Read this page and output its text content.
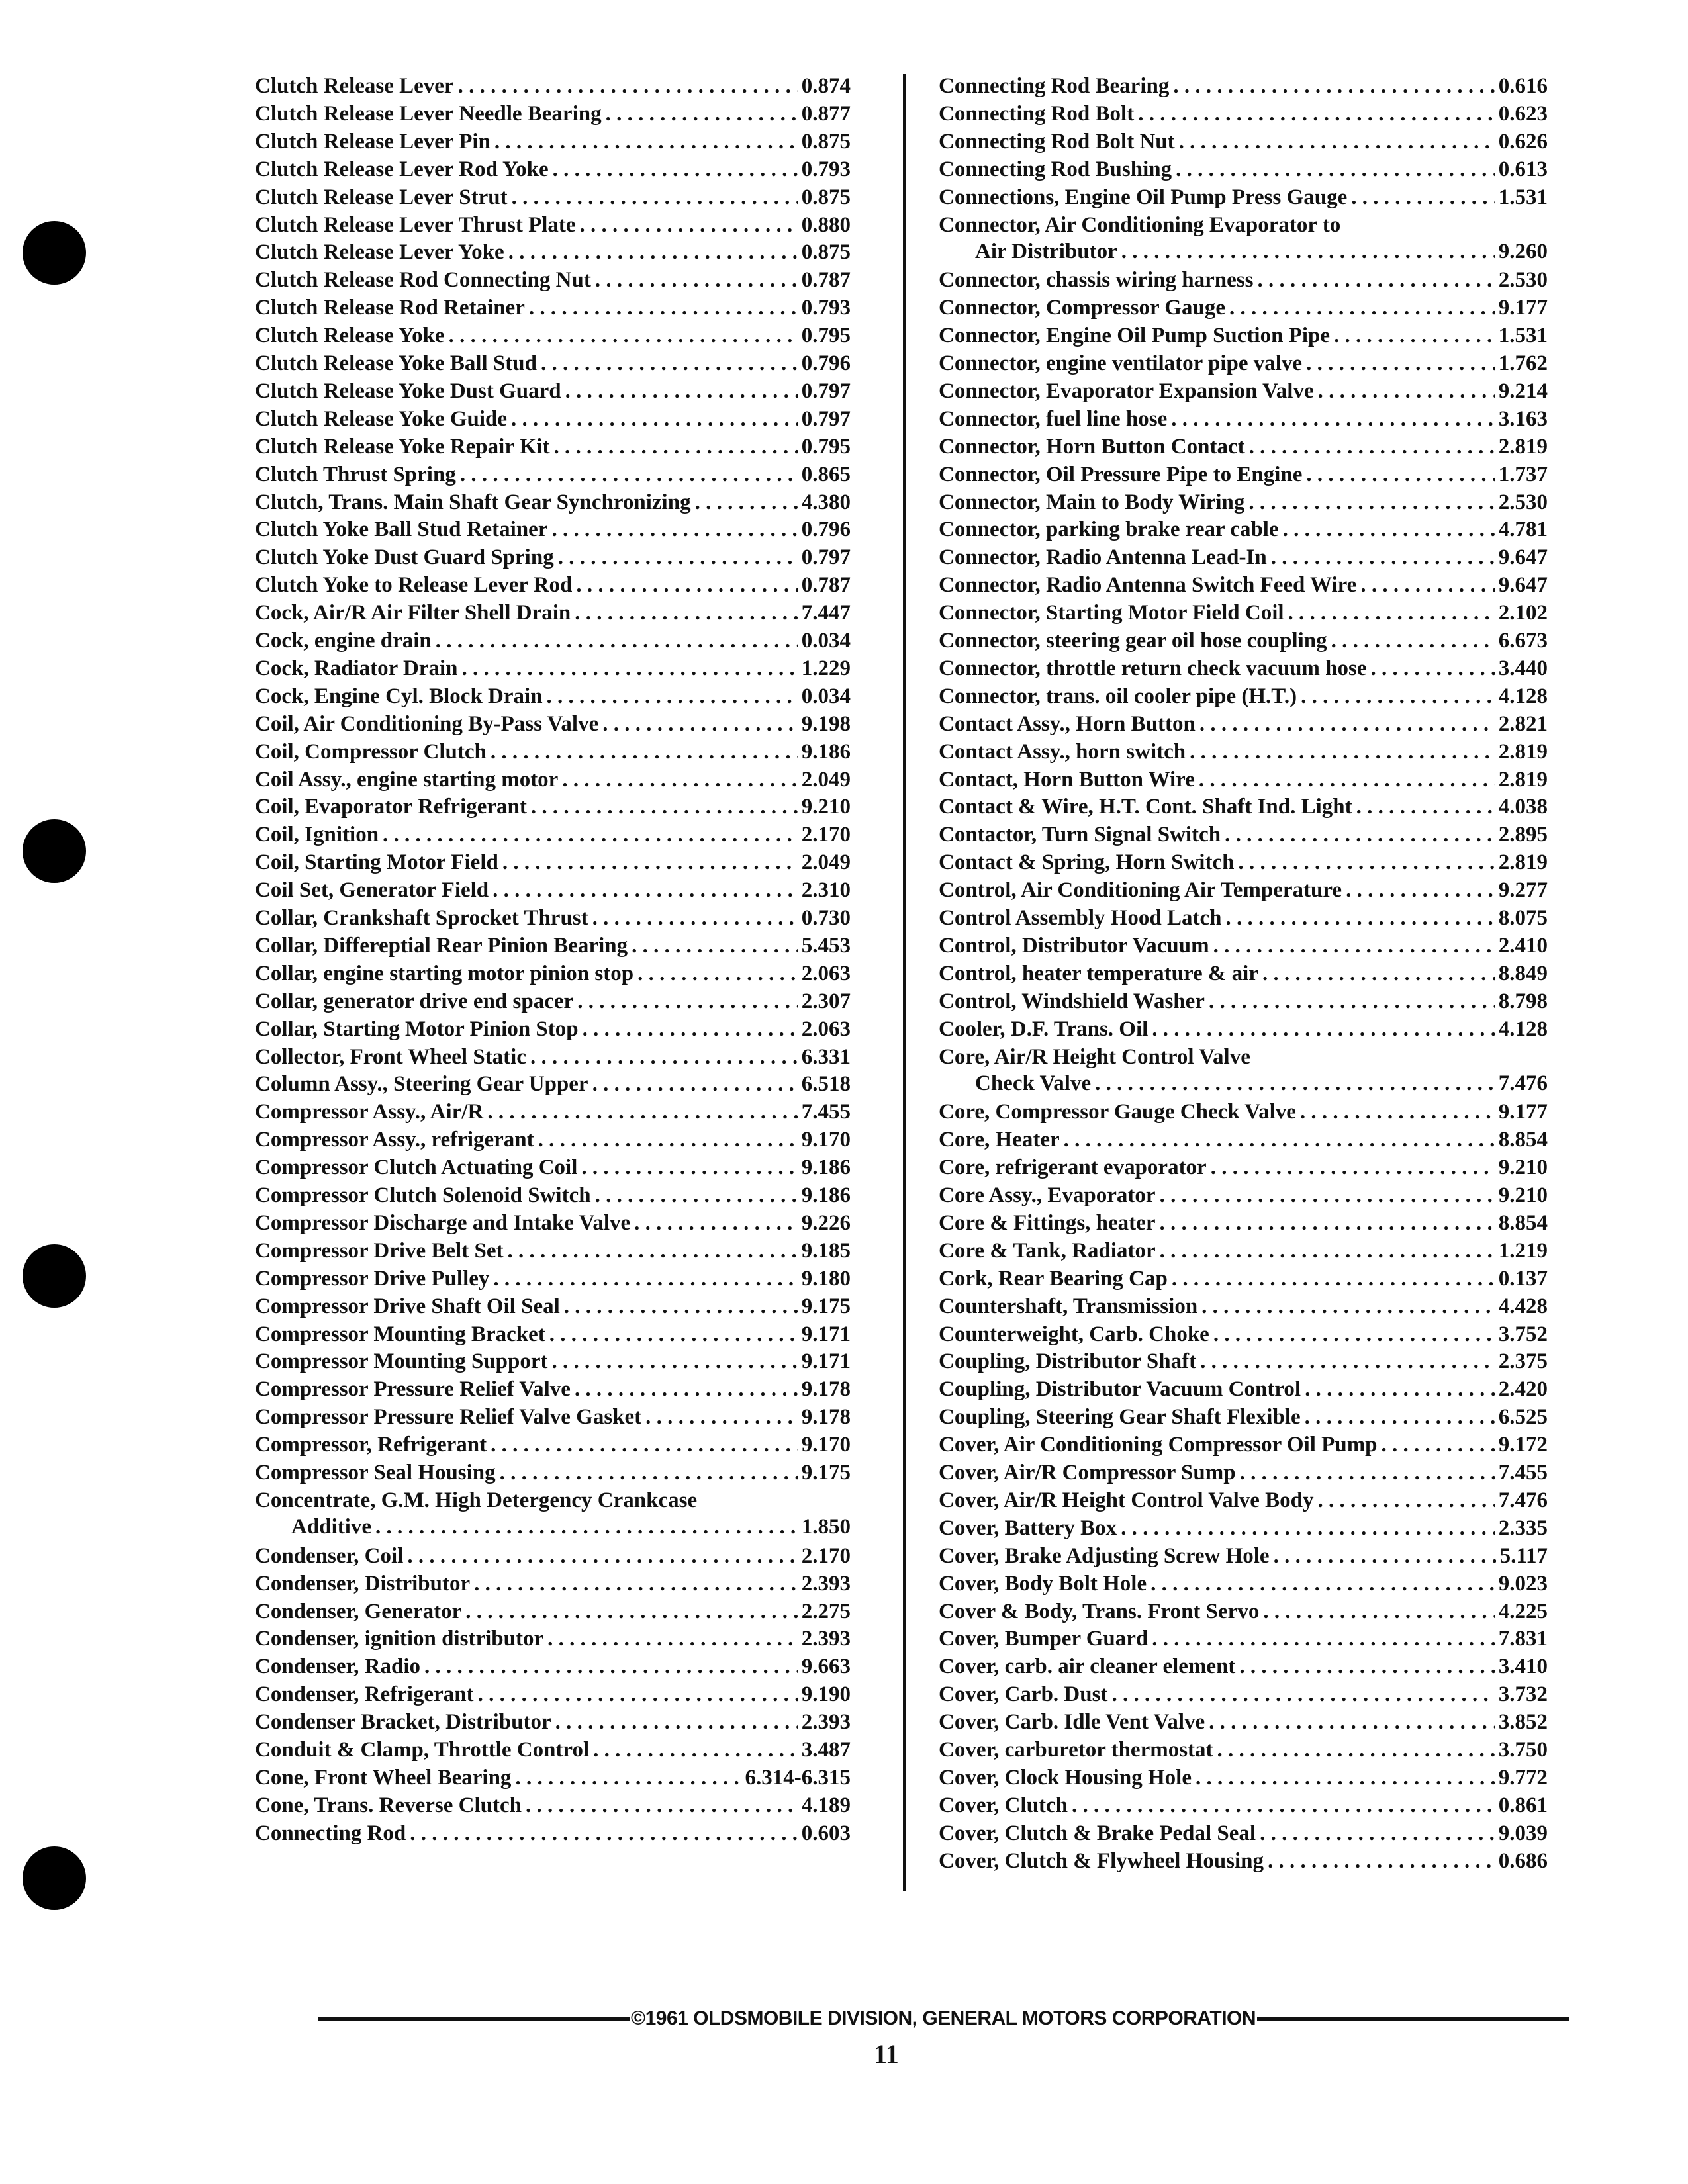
Clutch Release Lever . . .	0.874
Clutch Release Lever Needle Bearing . . .	0.877
Clutch Release Lever Pin . . .	0.875
Clutch Release Lever Rod Yoke . . .	0.793
Clutch Release Lever Strut . . .	0.875
Clutch Release Lever Thrust Plate . . .	0.880
Clutch Release Lever Yoke . . .	0.875
Clutch Release Rod Connecting Nut . . .	0.787
Clutch Release Rod Retainer . . .	0.793
Clutch Release Yoke . . .	0.795
Clutch Release Yoke Ball Stud . . .	0.796
Clutch Release Yoke Dust Guard . . .	0.797
Clutch Release Yoke Guide . . .	0.797
Clutch Release Yoke Repair Kit . . .	0.795
Clutch Thrust Spring . . .	0.865
Clutch, Trans. Main Shaft Gear Synchronizing . . .	4.380
Clutch Yoke Ball Stud Retainer . . .	0.796
Clutch Yoke Dust Guard Spring . . .	0.797
Clutch Yoke to Release Lever Rod . . .	0.787
Cock, Air/R Air Filter Shell Drain . . .	7.447
Cock, engine drain . . .	0.034
Cock, Radiator Drain . . .	1.229
Cock, Engine Cyl. Block Drain . . .	0.034
Coil, Air Conditioning By-Pass Valve . . .	9.198
Coil, Compressor Clutch . . .	9.186
Coil Assy., engine starting motor . . .	2.049
Coil, Evaporator Refrigerant . . .	9.210
Coil, Ignition . . .	2.170
Coil, Starting Motor Field . . .	2.049
Coil Set, Generator Field . . .	2.310
Collar, Crankshaft Sprocket Thrust . . .	0.730
Collar, Differeptial Rear Pinion Bearing . . .	5.453
Collar, engine starting motor pinion stop . . .	2.063
Collar, generator drive end spacer . . .	2.307
Collar, Starting Motor Pinion Stop . . .	2.063
Collector, Front Wheel Static . . .	6.331
Column Assy., Steering Gear Upper . . .	6.518
Compressor Assy., Air/R . . .	7.455
Compressor Assy., refrigerant . . .	9.170
Compressor Clutch Actuating Coil . . .	9.186
Compressor Clutch Solenoid Switch . . .	9.186
Compressor Discharge and Intake Valve . . .	9.226
Compressor Drive Belt Set . . .	9.185
Compressor Drive Pulley . . .	9.180
Compressor Drive Shaft Oil Seal . . .	9.175
Compressor Mounting Bracket . . .	9.171
Compressor Mounting Support . . .	9.171
Compressor Pressure Relief Valve . . .	9.178
Compressor Pressure Relief Valve Gasket . . .	9.178
Compressor, Refrigerant . . .	9.170
Compressor Seal Housing . . .	9.175
Concentrate, G.M. High Detergency Crankcase
Additive . . .	1.850
Condenser, Coil . . .	2.170
Condenser, Distributor . . .	2.393
Condenser, Generator . . .	2.275
Condenser, ignition distributor . . .	2.393
Condenser, Radio . . .	9.663
Condenser, Refrigerant . . .	9.190
Condenser Bracket, Distributor . . .	2.393
Conduit & Clamp, Throttle Control . . .	3.487
Cone, Front Wheel Bearing . . .	6.314-6.315
Cone, Trans. Reverse Clutch . . .	4.189
Connecting Rod . . .	0.603
Connecting Rod Bearing . . .	0.616
Connecting Rod Bolt . . .	0.623
Connecting Rod Bolt Nut . . .	0.626
Connecting Rod Bushing . . .	0.613
Connections, Engine Oil Pump Press Gauge . . .	1.531
Connector, Air Conditioning Evaporator to
Air Distributor . . .	9.260
Connector, chassis wiring harness . . .	2.530
Connector, Compressor Gauge . . .	9.177
Connector, Engine Oil Pump Suction Pipe . . .	1.531
Connector, engine ventilator pipe valve . . .	1.762
Connector, Evaporator Expansion Valve . . .	9.214
Connector, fuel line hose . . .	3.163
Connector, Horn Button Contact . . .	2.819
Connector, Oil Pressure Pipe to Engine . . .	1.737
Connector, Main to Body Wiring . . .	2.530
Connector, parking brake rear cable . . .	4.781
Connector, Radio Antenna Lead-In . . .	9.647
Connector, Radio Antenna Switch Feed Wire . . .	9.647
Connector, Starting Motor Field Coil . . .	2.102
Connector, steering gear oil hose coupling . . .	6.673
Connector, throttle return check vacuum hose . . .	3.440
Connector, trans. oil cooler pipe (H.T.) . . .	4.128
Contact Assy., Horn Button . . .	2.821
Contact Assy., horn switch . . .	2.819
Contact, Horn Button Wire . . .	2.819
Contact & Wire, H.T. Cont. Shaft Ind. Light . . .	4.038
Contactor, Turn Signal Switch . . .	2.895
Contact & Spring, Horn Switch . . .	2.819
Control, Air Conditioning Air Temperature . . .	9.277
Control Assembly Hood Latch . . .	8.075
Control, Distributor Vacuum . . .	2.410
Control, heater temperature & air . . .	8.849
Control, Windshield Washer . . .	8.798
Cooler, D.F. Trans. Oil . . .	4.128
Core, Air/R Height Control Valve
Check Valve . . .	7.476
Core, Compressor Gauge Check Valve . . .	9.177
Core, Heater . . .	8.854
Core, refrigerant evaporator . . .	9.210
Core Assy., Evaporator . . .	9.210
Core & Fittings, heater . . .	8.854
Core & Tank, Radiator . . .	1.219
Cork, Rear Bearing Cap . . .	0.137
Countershaft, Transmission . . .	4.428
Counterweight, Carb. Choke . . .	3.752
Coupling, Distributor Shaft . . .	2.375
Coupling, Distributor Vacuum Control . . .	2.420
Coupling, Steering Gear Shaft Flexible . . .	6.525
Cover, Air Conditioning Compressor Oil Pump . . .	9.172
Cover, Air/R Compressor Sump . . .	7.455
Cover, Air/R Height Control Valve Body . . .	7.476
Cover, Battery Box . . .	2.335
Cover, Brake Adjusting Screw Hole . . .	5.117
Cover, Body Bolt Hole . . .	9.023
Cover & Body, Trans. Front Servo . . .	4.225
Cover, Bumper Guard . . .	7.831
Cover, carb. air cleaner element . . .	3.410
Cover, Carb. Dust . . .	3.732
Cover, Carb. Idle Vent Valve . . .	3.852
Cover, carburetor thermostat . . .	3.750
Cover, Clock Housing Hole . . .	9.772
Cover, Clutch . . .	0.861
Cover, Clutch & Brake Pedal Seal . . .	9.039
Cover, Clutch & Flywheel Housing . . .	0.686
©1961 OLDSMOBILE DIVISION, GENERAL MOTORS CORPORATION
11
